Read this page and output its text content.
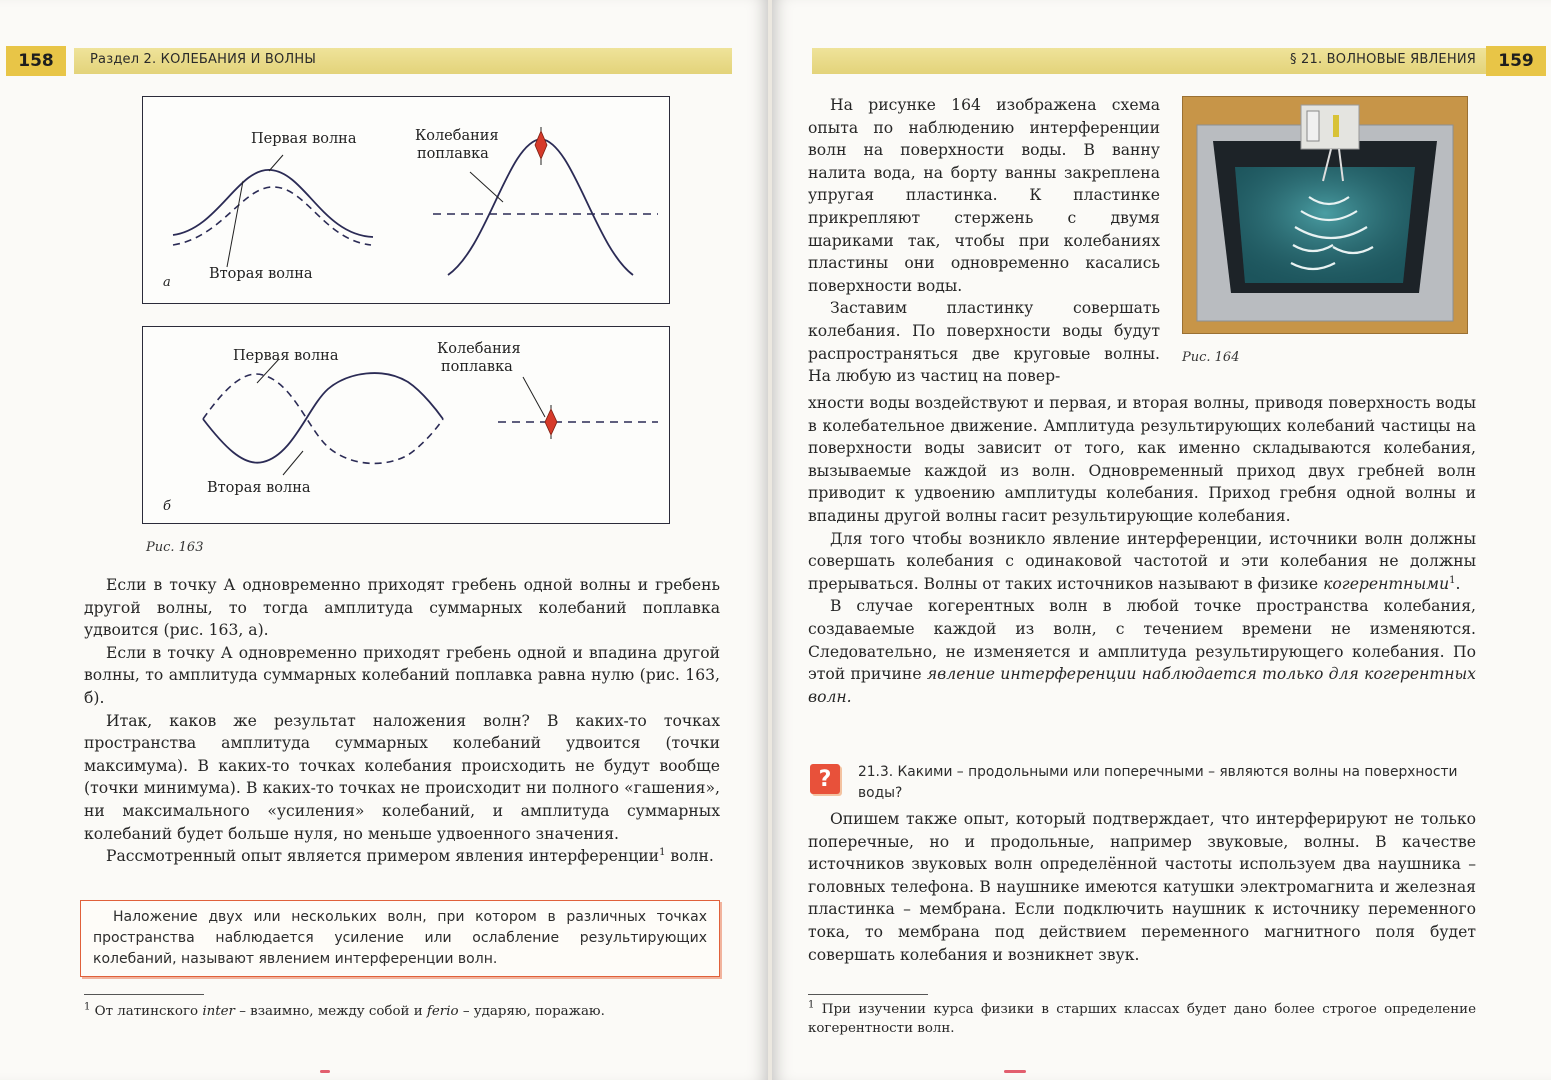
158	Раздел 2. КОЛЕБАНИЯ И ВОЛНЫ
Первая волна
Вторая волна
Колебания
поплавка
а
Первая волна
Вторая волна
Колебания
поплавка
б
Рис. 163

Если в точку А одновременно приходят гребень одной волны и гребень другой волны, то тогда амплитуда суммарных колебаний поплавка удвоится (рис. 163, а).

Если в точку А одновременно приходят гребень одной и впадина другой волны, то амплитуда суммарных колебаний поплавка равна нулю (рис. 163, б).

Итак, каков же результат наложения волн? В каких-то точках пространства амплитуда суммарных колебаний удвоится (точки максимума). В каких-то точках колебания происходить не будут вообще (точки минимума). В каких-то точках не происходит ни полного «гашения», ни максимального «усиления» колебаний, и амплитуда суммарных колебаний будет больше нуля, но меньше удвоенного значения.

Рассмотренный опыт является примером явления интерференции$^1$ волн.

Наложение двух или нескольких волн, при котором в различных точках пространства наблюдается усиление или ослабление результирующих колебаний, называют явлением интерференции волн.
$^1$ От латинского inter – взаимно, между собой и ferio – ударяю, поражаю.
§ 21. ВОЛНОВЫЕ ЯВЛЕНИЯ	159
Рис. 164

На рисунке 164 изображена схема опыта по наблюдению интерференции волн на поверхности воды. В ванну налита вода, на борту ванны закреплена упругая пластинка. К пластинке прикрепляют стержень с двумя шариками так, чтобы при колебаниях пластины они одновременно касались поверхности воды.

Заставим пластинку совершать колебания. По поверхности воды будут распространяться две круговые волны. На любую из частиц на повер-

хности воды воздействуют и первая, и вторая волны, приводя поверхность воды в колебательное движение. Амплитуда результирующих колебаний частицы на поверхности воды зависит от того, как именно складываются колебания, вызываемые каждой из волн. Одновременный приход двух гребней волн приводит к удвоению амплитуды колебания. Приход гребня одной волны и впадины другой волны гасит результирующие колебания.

Для того чтобы возникло явление интерференции, источники волн должны совершать колебания с одинаковой частотой и эти колебания не должны прерываться. Волны от таких источников называют в физике когерентными$^1$.

В случае когерентных волн в любой точке пространства колебания, создаваемые каждой из волн, с течением времени не изменяются. Следовательно, не изменяется и амплитуда результирующего колебания. По этой причине явление интерференции наблюдается только для когерентных волн.

?	21.3. Какими – продольными или поперечными – являются волны на поверхности воды?

Опишем также опыт, который подтверждает, что интерферируют не только поперечные, но и продольные, например звуковые, волны. В качестве источников звуковых волн определённой частоты используем два наушника – головных телефона. В наушнике имеются катушки электромагнита и железная пластинка – мембрана. Если подключить наушник к источнику переменного тока, то мембрана под действием переменного магнитного поля будет совершать колебания и возникнет звук.

$^1$ При изучении курса физики в старших классах будет дано более строгое определение когерентности волн.
